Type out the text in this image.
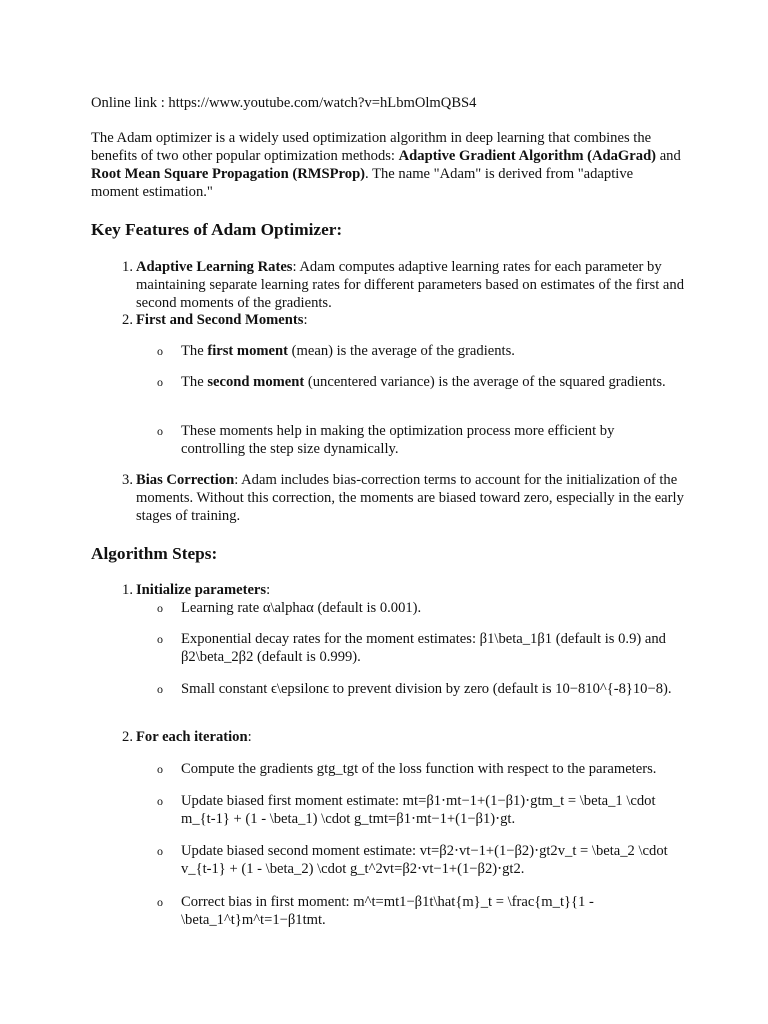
Online link : https://www.youtube.com/watch?v=hLbmOlmQBS4
The Adam optimizer is a widely used optimization algorithm in deep learning that combines the benefits of two other popular optimization methods: Adaptive Gradient Algorithm (AdaGrad) and Root Mean Square Propagation (RMSProp). The name "Adam" is derived from "adaptive moment estimation."
Key Features of Adam Optimizer:
1. Adaptive Learning Rates: Adam computes adaptive learning rates for each parameter by maintaining separate learning rates for different parameters based on estimates of the first and second moments of the gradients.
2. First and Second Moments:
o The first moment (mean) is the average of the gradients.
o The second moment (uncentered variance) is the average of the squared gradients.
o These moments help in making the optimization process more efficient by controlling the step size dynamically.
3. Bias Correction: Adam includes bias-correction terms to account for the initialization of the moments. Without this correction, the moments are biased toward zero, especially in the early stages of training.
Algorithm Steps:
1. Initialize parameters:
o Learning rate α\alphaα (default is 0.001).
o Exponential decay rates for the moment estimates: β1\beta_1β1 (default is 0.9) and β2\beta_2β2 (default is 0.999).
o Small constant ϵ\epsilonϵ to prevent division by zero (default is 10−810^{-8}10−8).
2. For each iteration:
o Compute the gradients gtg_tgt of the loss function with respect to the parameters.
o Update biased first moment estimate: mt=β1⋅mt−1+(1−β1)⋅gtm_t = \beta_1 \cdot m_{t-1} + (1 - \beta_1) \cdot g_tmt=β1⋅mt−1+(1−β1)⋅gt.
o Update biased second moment estimate: vt=β2⋅vt−1+(1−β2)⋅gt2v_t = \beta_2 \cdot v_{t-1} + (1 - \beta_2) \cdot g_t^2vt=β2⋅vt−1+(1−β2)⋅gt2.
o Correct bias in first moment: m^t=mt1−β1t\hat{m}_t = \frac{m_t}{1 - \beta_1^t}m^t=1−β1tmt.
